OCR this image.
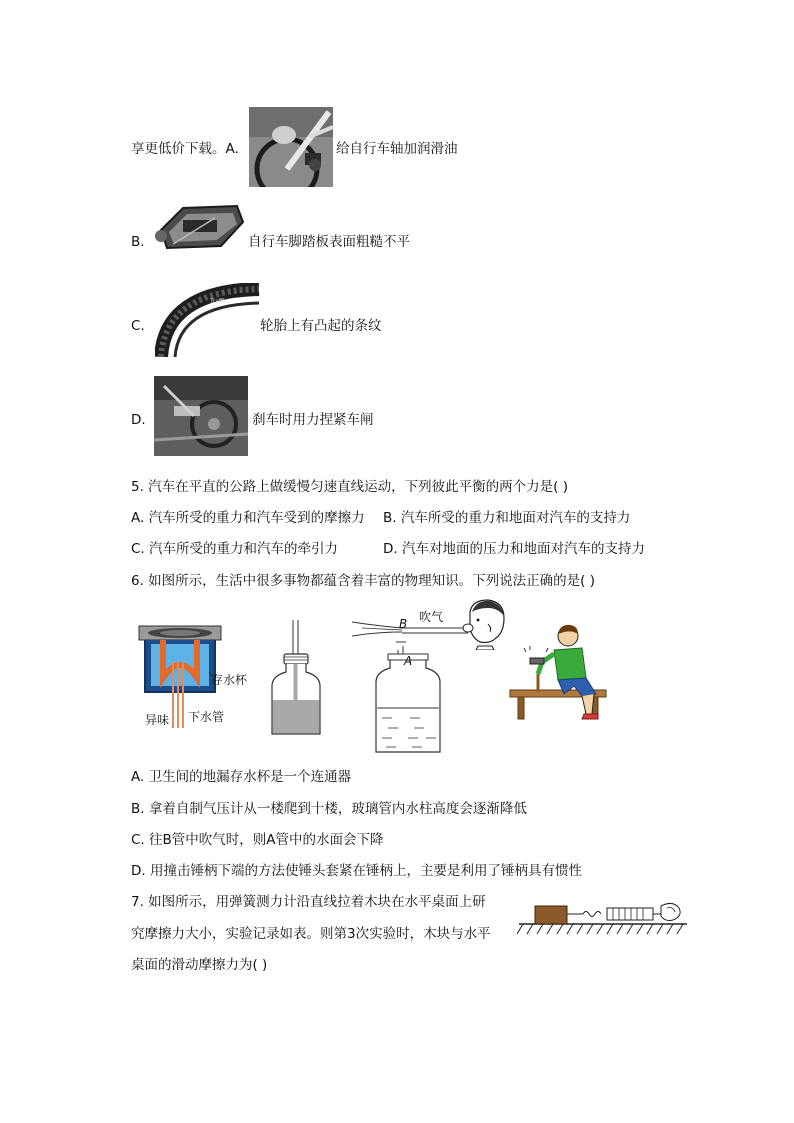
享更低价下载。A.	给自行车轴加润滑油
B.	自行车脚踏板表面粗糙不平
C.
Traffic
轮胎上有凸起的条纹
D.	刹车时用力捏紧车闸
5. 汽车在平直的公路上做缓慢匀速直线运动，下列彼此平衡的两个力是( )
A. 汽车所受的重力和汽车受到的摩擦力 B. 汽车所受的重力和地面对汽车的支持力
C. 汽车所受的重力和汽车的牵引力	D. 汽车对地面的压力和地面对汽车的支持力
6. 如图所示，生活中很多事物都蕴含着丰富的物理知识。下列说法正确的是( )
存水杯
异味 下水管
B
A
吹气
A. 卫生间的地漏存水杯是一个连通器
B. 拿着自制气压计从一楼爬到十楼，玻璃管内水柱高度会逐渐降低
C. 往B管中吹气时，则A管中的水面会下降
D. 用撞击锤柄下端的方法使锤头套紧在锤柄上，主要是利用了锤柄具有惯性
7. 如图所示，用弹簧测力计沿直线拉着木块在水平桌面上研
究摩擦力大小，实验记录如表。则第3次实验时，木块与水平
桌面的滑动摩擦力为( )
